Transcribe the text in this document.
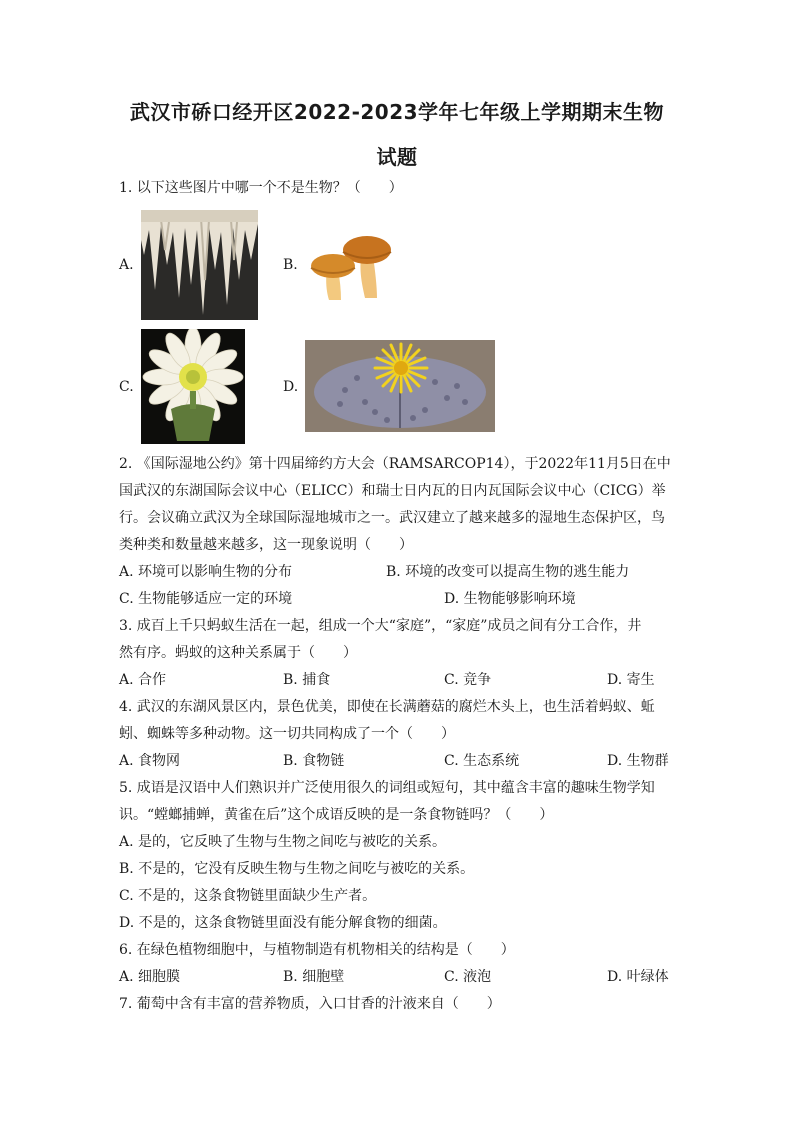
武汉市硚口经开区2022-2023学年七年级上学期期末生物
试题
1. 以下这些图片中哪一个不是生物？（　　）
A.	B.
C.	D.
2. 《国际湿地公约》第十四届缔约方大会（RAMSARCOP14），于2022年11月5日在中
国武汉的东湖国际会议中心（ELICC）和瑞士日内瓦的日内瓦国际会议中心（CICG）举
行。会议确立武汉为全球国际湿地城市之一。武汉建立了越来越多的湿地生态保护区，鸟
类种类和数量越来越多，这一现象说明（　　）
A. 环境可以影响生物的分布	B. 环境的改变可以提高生物的逃生能力
C. 生物能够适应一定的环境	D. 生物能够影响环境
3. 成百上千只蚂蚁生活在一起，组成一个大“家庭”，“家庭”成员之间有分工合作，井
然有序。蚂蚁的这种关系属于（　　）
A. 合作	B. 捕食	C. 竞争	D. 寄生
4. 武汉的东湖风景区内，景色优美，即使在长满蘑菇的腐烂木头上，也生活着蚂蚁、蚯
蚓、蜘蛛等多种动物。这一切共同构成了一个（　　）
A. 食物网	B. 食物链	C. 生态系统	D. 生物群
5. 成语是汉语中人们熟识并广泛使用很久的词组或短句，其中蕴含丰富的趣味生物学知
识。“螳螂捕蝉，黄雀在后”这个成语反映的是一条食物链吗？（　　）
A. 是的，它反映了生物与生物之间吃与被吃的关系。
B. 不是的，它没有反映生物与生物之间吃与被吃的关系。
C. 不是的，这条食物链里面缺少生产者。
D. 不是的，这条食物链里面没有能分解食物的细菌。
6. 在绿色植物细胞中，与植物制造有机物相关的结构是（　　）
A. 细胞膜	B. 细胞壁	C. 液泡	D. 叶绿体
7. 葡萄中含有丰富的营养物质，入口甘香的汁液来自（　　）
